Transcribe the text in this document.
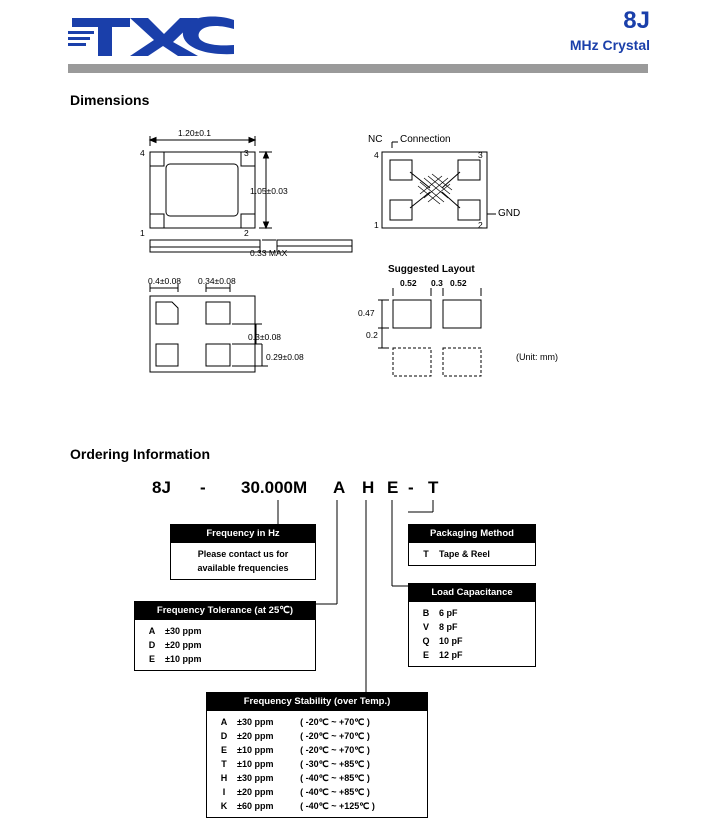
8J
MHz Crystal
Dimensions
Ordering Information
1.20±0.1
1.05±0.03
4	3
1	2
0.33 MAX
0.4±0.08 0.34±0.08
0.3±0.08
0.29±0.08
Connection
NC
GND
4	3
1	2
Suggested Layout
0.52 0.3 0.52
0.47
0.2
(Unit: mm)
8J - 30.000M A H E - T
Frequency in Hz
Please contact us for
available frequencies
Frequency Tolerance (at 25℃)
A	±30 ppm
D	±20 ppm
E	±10 ppm
Frequency Stability (over Temp.)
A	±30 ppm	( -20℃ ~ +70℃ )
D	±20 ppm	( -20℃ ~ +70℃ )
E	±10 ppm	( -20℃ ~ +70℃ )
T	±10 ppm	( -30℃ ~ +85℃ )
H	±30 ppm	( -40℃ ~ +85℃ )
I	±20 ppm	( -40℃ ~ +85℃ )
K	±60 ppm	( -40℃ ~ +125℃ )
Packaging Method
T	Tape & Reel
Load Capacitance
B	6 pF
V	8 pF
Q	10 pF
E	12 pF
